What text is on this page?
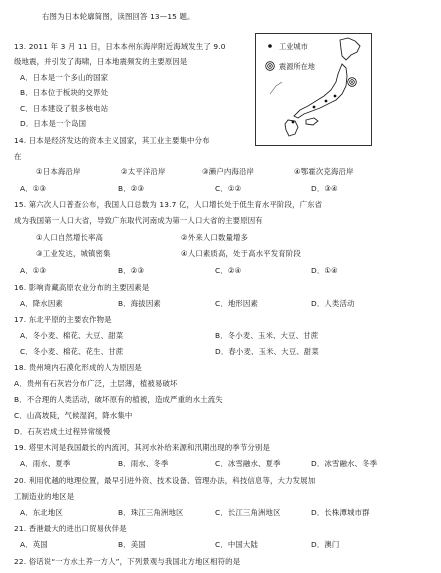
右图为日本轮廓简图，读图回答 13—15 题。
工业城市
震源所在地
13. 2011 年 3 月 11 日，日本本州东海岸附近海域发生了 9.0
级地震，并引发了海啸，日本地震频发的主要原因是
A．日本是一个多山的国家
B．日本位于板块的交界处
C．日本建设了很多核电站
D．日本是一个岛国
14. 日本是经济发达的资本主义国家，其工业主要集中分布
在
①日本海沿岸	②太平洋沿岸	③濑户内海沿岸	④鄂霍次克海沿岸
A．①③	B．②③	C．①②	D．③④
15. 第六次人口普查公布，我国人口总数为 13.7 亿，人口增长处于低生育水平阶段，广东省
成为我国第一人口大省，导致广东取代河南成为第一人口大省的主要原因有
①人口自然增长率高	②外来人口数量增多
③工业发达，城镇密集	④人口素质高，处于高水平发育阶段
A．①③	B．②③	C．②④	D．①④
16. 影响青藏高原农业分布的主要因素是
A．降水因素	B．海拔因素	C．地形因素	D．人类活动
17. 东北平原的主要农作物是
A．冬小麦、棉花、大豆、甜菜	B．冬小麦、玉米、大豆、甘蔗
C．冬小麦、棉花、花生、甘蔗	D．春小麦、玉米、大豆、甜菜
18. 贵州境内石漠化形成的人为原因是
A．贵州有石灰岩分布广泛，土层薄，植被易破坏
B．不合理的人类活动，破坏原有的植被，造成严重的水土流失
C．山高坡陡，气候湿润，降水集中
D．石灰岩成土过程异常缓慢
19. 塔里木河是我国最长的内流河，其河水补给来源和汛期出现的季节分别是
A．雨水、夏季	B．雨水、冬季	C．冰雪融水、夏季	D．冰雪融水、冬季
20. 利用优越的地理位置，最早引进外资、技术设备、管理办法，科技信息等，大力发展加
工制造业的地区是
A．东北地区	B．珠江三角洲地区	C．长江三角洲地区	D．长株潭城市群
21. 香港最大的进出口贸易伙伴是
A．英国	B．美国	C．中国大陆	D．澳门
22. 俗话说“一方水土养一方人”，下列景观与我国北方地区相符的是
